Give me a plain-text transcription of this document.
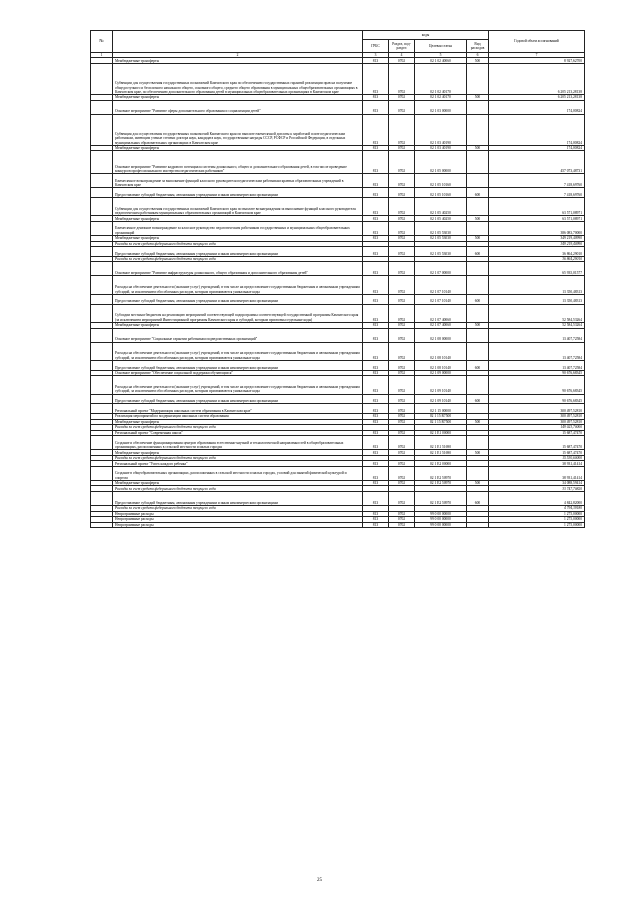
№		коды				Годовой объем ассигнований
		ГРБС	Раздел, под-раздел	Целевая статья	Вид расходов	
1	2	3	4	5	6	7
	Межбюджетные трансферты	813	0702	02 1 02 40060	500	8 927,62700
	Субвенции для осуществления государственных полномочий Камчатского края по обеспечению государственных гарантий реализации прав на получение общедоступного и бесплатного начального общего, основного общего, среднего общего образования в муниципальных общеобразовательных организациях в Камчатском крае, по обеспечению дополнительного образования детей в муниципальных общеобразовательных организациях в Камчатском крае	813	0702	02 1 02 40170		6 205 213,28138
	Межбюджетные трансферты	813	0702	02 1 02 40170	500	6 205 213,28138
	Основное мероприятие "Развитие сферы дополнительного образования и социализации детей"	813	0702	02 1 03 00000		174,00824
	Субвенция для осуществления государственных полномочий Камчатского края по выплате ежемесячной доплаты к заработной плате педагогическим работникам, имеющим ученые степени доктора наук, кандидата наук, государственные награды СССР, РСФСР и Российской Федерации, в отдельных муниципальных образовательных организациях в Камчатском крае	813	0702	02 1 03 40190		174,00824
	Межбюджетные трансферты	813	0702	02 1 03 40190	500	174,00824
	Основное мероприятие "Развитие кадрового потенциала системы дошкольного, общего и дополнительного образования детей, в том числе проведение конкурсов профессионального мастерства педагогических работников"	813	0702	02 1 05 00000		457 073,48731
	Ежемесячное вознаграждение за выполнение функций классного руководителя педагогическим работникам краевых образовательных учреждений в Камчатском крае	813	0702	02 1 05 10160		7 418,69760
	Предоставление субсидий бюджетным, автономным учреждениям и иным некоммерческим организациям	813	0702	02 1 05 10160	600	7 418,69760
	Субвенции для осуществления государственных полномочий Камчатского края по выплате вознаграждения за выполнение функций классного руководителя педагогическим работникам муниципальных образовательных организаций в Камчатском крае	813	0702	02 1 05 40250		63 571,08971
	Межбюджетные трансферты	813	0702	02 1 05 40250	500	63 571,08971
	Ежемесячное денежное вознаграждение за классное руководство педагогическим работникам государственных и муниципальных общеобразовательных организаций	813	0702	02 1 05 53030		386 083,70000
	Межбюджетные трансферты	813	0702	02 1 05 53030	500	349 219,40990
	Расходы за счет средств федерального бюджета текущего года					349 219,40990
	Предоставление субсидий бюджетным, автономным учреждениям и иным некоммерческим организациям	813	0702	02 1 05 53030	600	36 864,29010
	Расходы за счет средств федерального бюджета текущего года					36 864,29010
	Основное мероприятие "Развитие инфраструктуры дошкольного, общего образования и дополнительного образования детей"	813	0702	02 1 07 00000		65 935,01577
	Расходы на обеспечение деятельности (оказание услуг) учреждений, в том числе на предоставление государственным бюджетным и автономным учреждениям субсидий, за исключением обособленных расходов, которым присваиваются уникальные коды	813	0702	02 1 07 10140		13 350,48313
	Предоставление субсидий бюджетным, автономным учреждениям и иным некоммерческим организациям	813	0702	02 1 07 10140	600	13 350,48313
	Субсидии местным бюджетам на реализацию мероприятий соответствующей подпрограммы соответствующей государственной программы Камчатского края (за исключением мероприятий Инвестиционной программы Камчатского края и субсидий, которым присвоены отдельные коды)	813	0702	02 1 07 40060		52 584,53264
	Межбюджетные трансферты	813	0702	02 1 07 40060	500	52 584,53264
	Основное мероприятие "Социальные гарантии работникам подведомственных организаций"	813	0702	02 1 08 00000		13 407,72584
	Расходы на обеспечение деятельности (оказание услуг) учреждений, в том числе на предоставление государственным бюджетным и автономным учреждениям субсидий, за исключением обособленных расходов, которым присваиваются уникальные коды	813	0702	02 1 08 10140		13 407,72584
	Предоставление субсидий бюджетным, автономным учреждениям и иным некоммерческим организациям	813	0702	02 1 08 10140	600	13 407,72584
	Основное мероприятие "Обеспечение социальной поддержки обучающихся"	813	0702	02 1 09 00000		90 676,68345
	Расходы на обеспечение деятельности (оказание услуг) учреждений, в том числе на предоставление государственным бюджетным и автономным учреждениям субсидий, за исключением обособленных расходов, которым присваиваются уникальные коды	813	0702	02 1 09 10140		90 676,68345
	Предоставление субсидий бюджетным, автономным учреждениям и иным некоммерческим организациям	813	0702	02 1 09 10140	600	90 676,68345
	Региональный проект "Модернизация школьных систем образования в Камчатском крае"	813	0702	02 1 15 00000		300 497,52810
	Реализация мероприятий по модернизации школьных систем образования	813	0702	02 1 15 R7500		300 497,52810
	Межбюджетные трансферты	813	0702	02 1 15 R7500	500	300 497,52810
	Расходы за счет средств федерального бюджета текущего года					149 023,70000
	Региональный проект "Современная школа"	813	0702	02 1 E1 00000		15 687,47470
	Создание и обеспечение функционирования центров образования естественно-научной и технологической направленностей в общеобразовательных организациях, расположенных в сельской местности и малых городах	813	0702	02 1 E1 51690		15 687,47470
	Межбюджетные трансферты	813	0702	02 1 E1 51690	500	15 687,47470
	Расходы за счет средств федерального бюджета текущего года					15 530,60000
	Региональный проект "Успех каждого ребенка"	813	0702	02 1 E2 00000		38 931,41414
	Создание в общеобразовательных организациях, расположенных в сельской местности и малых городах, условий для занятий физической культурой и спортом	813	0702	02 1 E2 50970		38 931,41414
	Межбюджетные трансферты	813	0702	02 1 E2 50970	500	34 088,59414
	Расходы за счет средств федерального бюджета текущего года					33 747,70820
	Предоставление субсидий бюджетным, автономным учреждениям и иным некоммерческим организациям	813	0702	02 1 E2 50970	600	4 842,82000
	Расходы за счет средств федерального бюджета текущего года					4 794,39180
	Непрограммные расходы	813	0702	99 0 00 00000		1 275,00000
	Непрограммные расходы	813	0702	99 0 00 00000		1 275,00000
	Непрограммные расходы	813	0702	99 0 00 00000		1 275,00000
25
